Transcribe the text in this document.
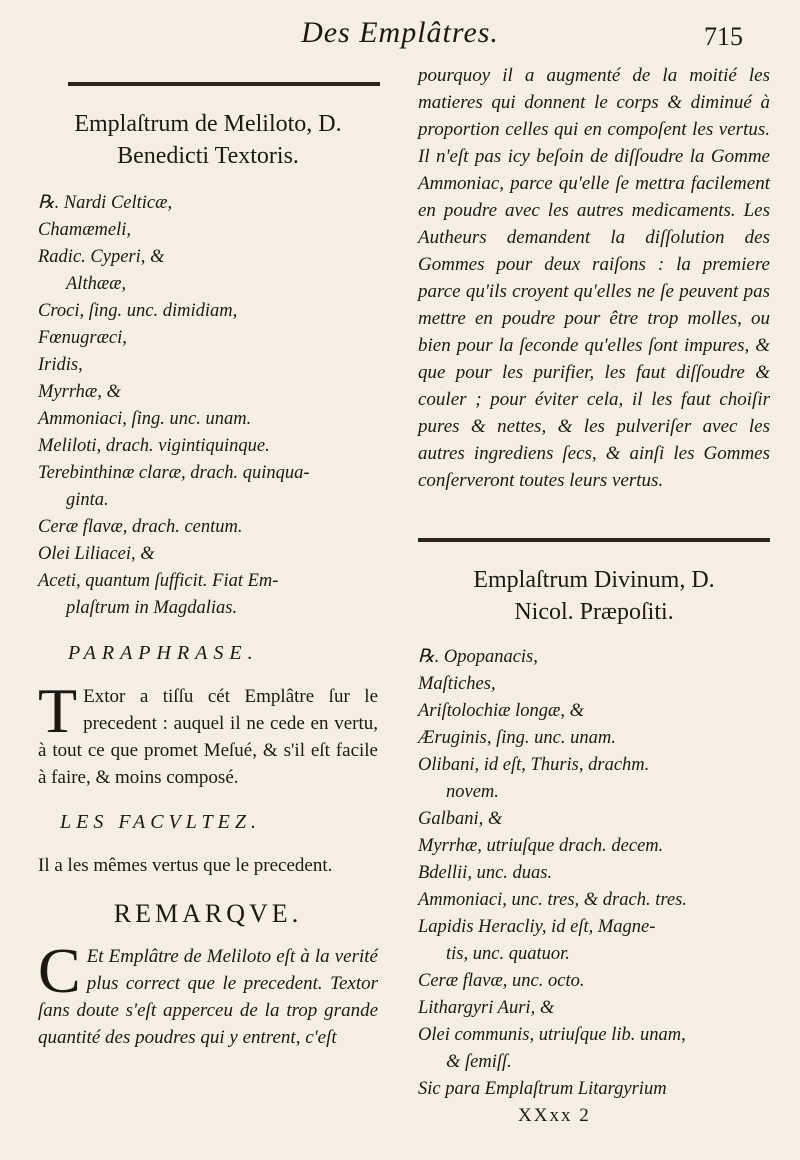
Des Emplâtres.	715
Emplaſtrum de Meliloto, D.
Benedicti Textoris.
℞. Nardi Celticæ,
Chamæmeli,
Radic. Cyperi, &
Althææ,
Croci, ſing. unc. dimidiam,
Fœnugræci,
Iridis,
Myrrhæ, &
Ammoniaci, ſing. unc. unam.
Meliloti, drach. vigintiquinque.
Terebinthinæ claræ, drach. quinqua-
ginta.
Ceræ flavæ, drach. centum.
Olei Liliacei, &
Aceti, quantum ſufficit. Fiat Em-
plaſtrum in Magdalias.
PARAPHRASE.
T Extor a tiſſu cét Emplâtre ſur le precedent : auquel il ne cede en vertu, à tout ce que promet Meſué, & s'il eſt facile à faire, & moins composé.
LES FACVLTEZ.
Il a les mêmes vertus que le precedent.
REMARQVE.
C Et Emplâtre de Meliloto eſt à la verité plus correct que le precedent. Textor ſans doute s'eſt apperceu de la trop grande quantité des poudres qui y entrent, c'eſt
pourquoy il a augmenté de la moitié les matieres qui donnent le corps & diminué à proportion celles qui en compoſent les vertus. Il n'eſt pas icy beſoin de diſſoudre la Gomme Ammoniac, parce qu'elle ſe mettra facilement en poudre avec les autres medicaments. Les Autheurs demandent la diſſolution des Gommes pour deux raiſons : la premiere parce qu'ils croyent qu'elles ne ſe peuvent pas mettre en poudre pour être trop molles, ou bien pour la ſeconde qu'elles ſont impures, & que pour les purifier, les faut diſſoudre & couler ; pour éviter cela, il les faut choiſir pures & nettes, & les pulveriſer avec les autres ingrediens ſecs, & ainſi les Gommes conſerveront toutes leurs vertus.
Emplaſtrum Divinum, D.
Nicol. Præpoſiti.
℞. Opopanacis,
Maſtiches,
Ariſtolochiæ longæ, &
Æruginis, ſing. unc. unam.
Olibani, id eſt, Thuris, drachm.
novem.
Galbani, &
Myrrhæ, utriuſque drach. decem.
Bdellii, unc. duas.
Ammoniaci, unc. tres, & drach. tres.
Lapidis Heracliy, id eſt, Magne-
tis, unc. quatuor.
Ceræ flavæ, unc. octo.
Lithargyri Auri, &
Olei communis, utriuſque lib. unam,
& ſemiſſ.
Sic para Emplaſtrum Litargyrium
XXxx 2
